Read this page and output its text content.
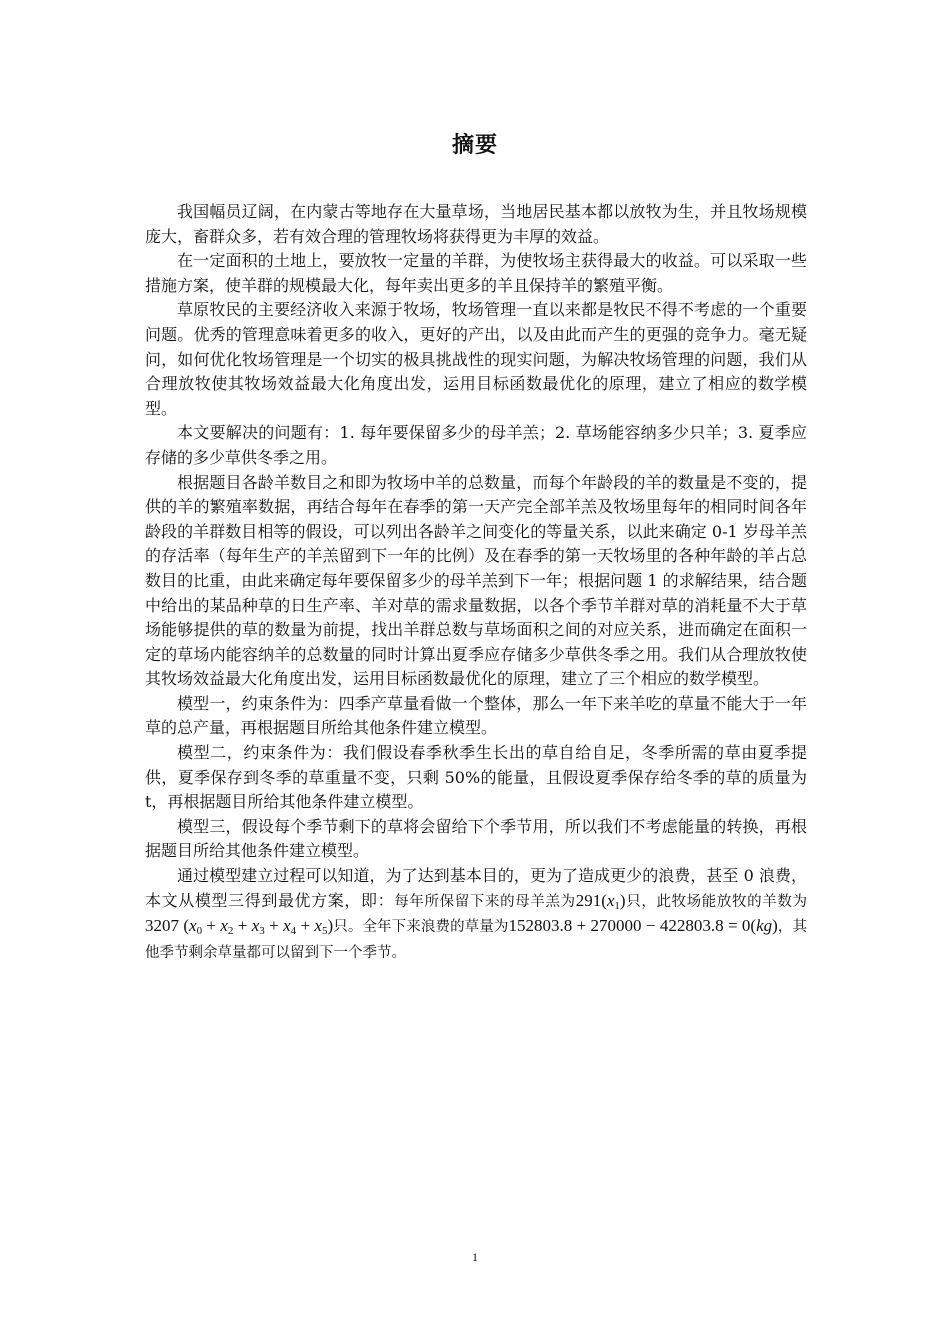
摘要

我国幅员辽阔，在内蒙古等地存在大量草场，当地居民基本都以放牧为生，并且牧场规模庞大，畜群众多，若有效合理的管理牧场将获得更为丰厚的效益。

在一定面积的土地上，要放牧一定量的羊群，为使牧场主获得最大的收益。可以采取一些措施方案，使羊群的规模最大化，每年卖出更多的羊且保持羊的繁殖平衡。

草原牧民的主要经济收入来源于牧场，牧场管理一直以来都是牧民不得不考虑的一个重要问题。优秀的管理意味着更多的收入，更好的产出，以及由此而产生的更强的竞争力。毫无疑问，如何优化牧场管理是一个切实的极具挑战性的现实问题，为解决牧场管理的问题，我们从合理放牧使其牧场效益最大化角度出发，运用目标函数最优化的原理，建立了相应的数学模型。

本文要解决的问题有：1. 每年要保留多少的母羊羔；2. 草场能容纳多少只羊；3. 夏季应存储的多少草供冬季之用。

根据题目各龄羊数目之和即为牧场中羊的总数量，而每个年龄段的羊的数量是不变的，提供的羊的繁殖率数据，再结合每年在春季的第一天产完全部羊羔及牧场里每年的相同时间各年龄段的羊群数目相等的假设，可以列出各龄羊之间变化的等量关系，以此来确定 0-1 岁母羊羔的存活率（每年生产的羊羔留到下一年的比例）及在春季的第一天牧场里的各种年龄的羊占总数目的比重，由此来确定每年要保留多少的母羊羔到下一年；根据问题 1 的求解结果，结合题中给出的某品种草的日生产率、羊对草的需求量数据，以各个季节羊群对草的消耗量不大于草场能够提供的草的数量为前提，找出羊群总数与草场面积之间的对应关系，进而确定在面积一定的草场内能容纳羊的总数量的同时计算出夏季应存储多少草供冬季之用。我们从合理放牧使其牧场效益最大化角度出发，运用目标函数最优化的原理，建立了三个相应的数学模型。

模型一，约束条件为：四季产草量看做一个整体，那么一年下来羊吃的草量不能大于一年草的总产量，再根据题目所给其他条件建立模型。

模型二，约束条件为：我们假设春季秋季生长出的草自给自足，冬季所需的草由夏季提供，夏季保存到冬季的草重量不变，只剩 50%的能量，且假设夏季保存给冬季的草的质量为 t，再根据题目所给其他条件建立模型。

模型三，假设每个季节剩下的草将会留给下个季节用，所以我们不考虑能量的转换，再根据题目所给其他条件建立模型。

通过模型建立过程可以知道，为了达到基本目的，更为了造成更少的浪费，甚至 0 浪费，本文从模型三得到最优方案，即：每年所保留下来的母羊羔为$291(x_1)$只，此牧场能放牧的羊数为3207 $(x_0 + x_2 + x_3 + x_4 + x_5)$只。全年下来浪费的草量为152803.8 + 270000 − 422803.8 = 0(kg)，其他季节剩余草量都可以留到下一个季节。

1
